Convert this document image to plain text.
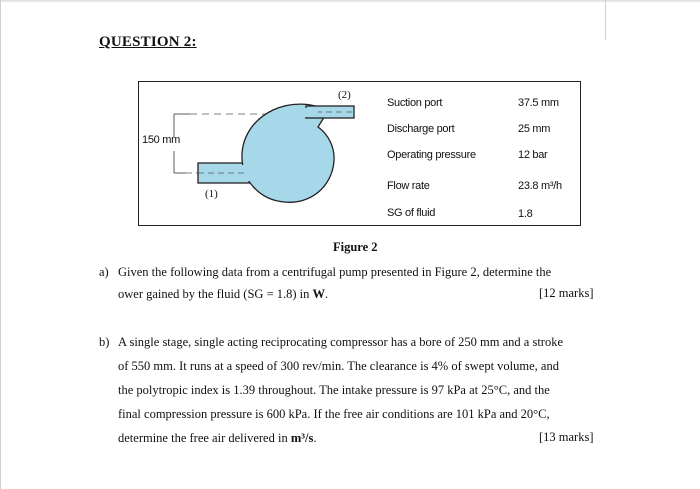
QUESTION 2:
150 mm
(1)
(2)
Suction port	37.5 mm
Discharge port	25 mm
Operating pressure	12 bar
Flow rate	23.8 m³/h
SG of fluid	1.8
Figure 2
a) Given the following data from a centrifugal pump presented in Figure 2, determine the
ower gained by the fluid (SG = 1.8) in W.	[12 marks]
b) A single stage, single acting reciprocating compressor has a bore of 250 mm and a stroke
of 550 mm. It runs at a speed of 300 rev/min. The clearance is 4% of swept volume, and
the polytropic index is 1.39 throughout. The intake pressure is 97 kPa at 25°C, and the
final compression pressure is 600 kPa. If the free air conditions are 101 kPa and 20°C,
determine the free air delivered in m³/s.	[13 marks]
